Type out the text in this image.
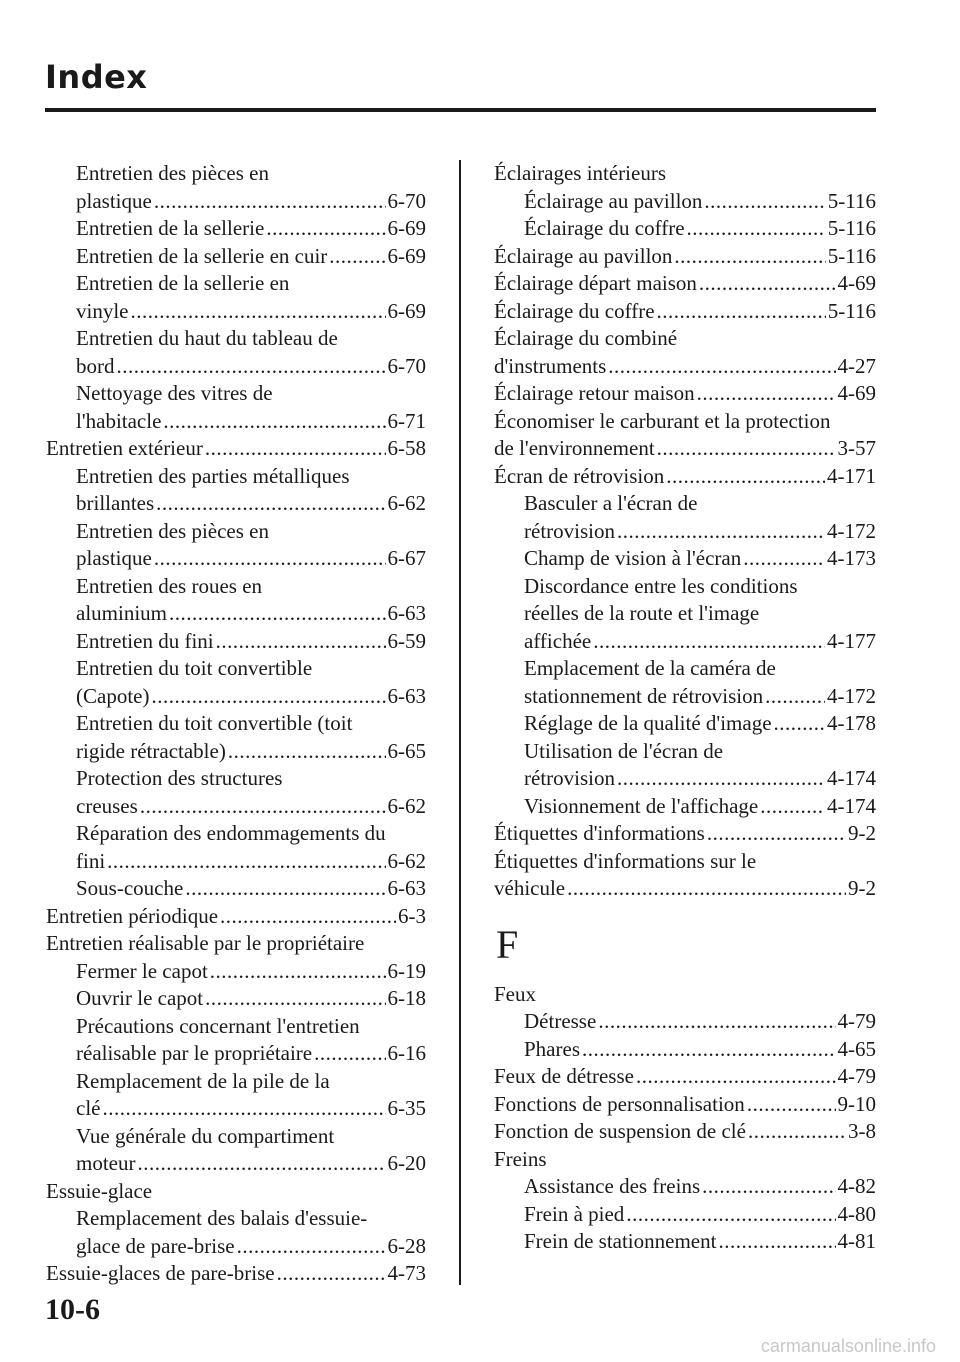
Index
Entretien des pièces en
plastique .....	6-70
Entretien de la sellerie .....	6-69
Entretien de la sellerie en cuir .....	6-69
Entretien de la sellerie en
vinyle .....	6-69
Entretien du haut du tableau de
bord .....	6-70
Nettoyage des vitres de
l'habitacle .....	6-71
Entretien extérieur .....	6-58
Entretien des parties métalliques
brillantes .....	6-62
Entretien des pièces en
plastique .....	6-67
Entretien des roues en
aluminium .....	6-63
Entretien du fini .....	6-59
Entretien du toit convertible
(Capote) .....	6-63
Entretien du toit convertible (toit
rigide rétractable) .....	6-65
Protection des structures
creuses .....	6-62
Réparation des endommagements du
fini .....	6-62
Sous-couche .....	6-63
Entretien périodique .....	6-3
Entretien réalisable par le propriétaire
Fermer le capot .....	6-19
Ouvrir le capot .....	6-18
Précautions concernant l'entretien
réalisable par le propriétaire .....	6-16
Remplacement de la pile de la
clé .....	6-35
Vue générale du compartiment
moteur .....	6-20
Essuie-glace
Remplacement des balais d'essuie-
glace de pare-brise .....	6-28
Essuie-glaces de pare-brise .....	4-73
Éclairages intérieurs
Éclairage au pavillon .....	5-116
Éclairage du coffre .....	5-116
Éclairage au pavillon .....	5-116
Éclairage départ maison .....	4-69
Éclairage du coffre .....	5-116
Éclairage du combiné
d'instruments .....	4-27
Éclairage retour maison .....	4-69
Économiser le carburant et la protection
de l'environnement .....	3-57
Écran de rétrovision .....	4-171
Basculer a l'écran de
rétrovision .....	4-172
Champ de vision à l'écran .....	4-173
Discordance entre les conditions
réelles de la route et l'image
affichée .....	4-177
Emplacement de la caméra de
stationnement de rétrovision .....	4-172
Réglage de la qualité d'image .....	4-178
Utilisation de l'écran de
rétrovision .....	4-174
Visionnement de l'affichage .....	4-174
Étiquettes d'informations .....	9-2
Étiquettes d'informations sur le
véhicule .....	9-2
F
Feux
Détresse .....	4-79
Phares .....	4-65
Feux de détresse .....	4-79
Fonctions de personnalisation .....	9-10
Fonction de suspension de clé .....	3-8
Freins
Assistance des freins .....	4-82
Frein à pied .....	4-80
Frein de stationnement .....	4-81
10-6
carmanualsonline.info
